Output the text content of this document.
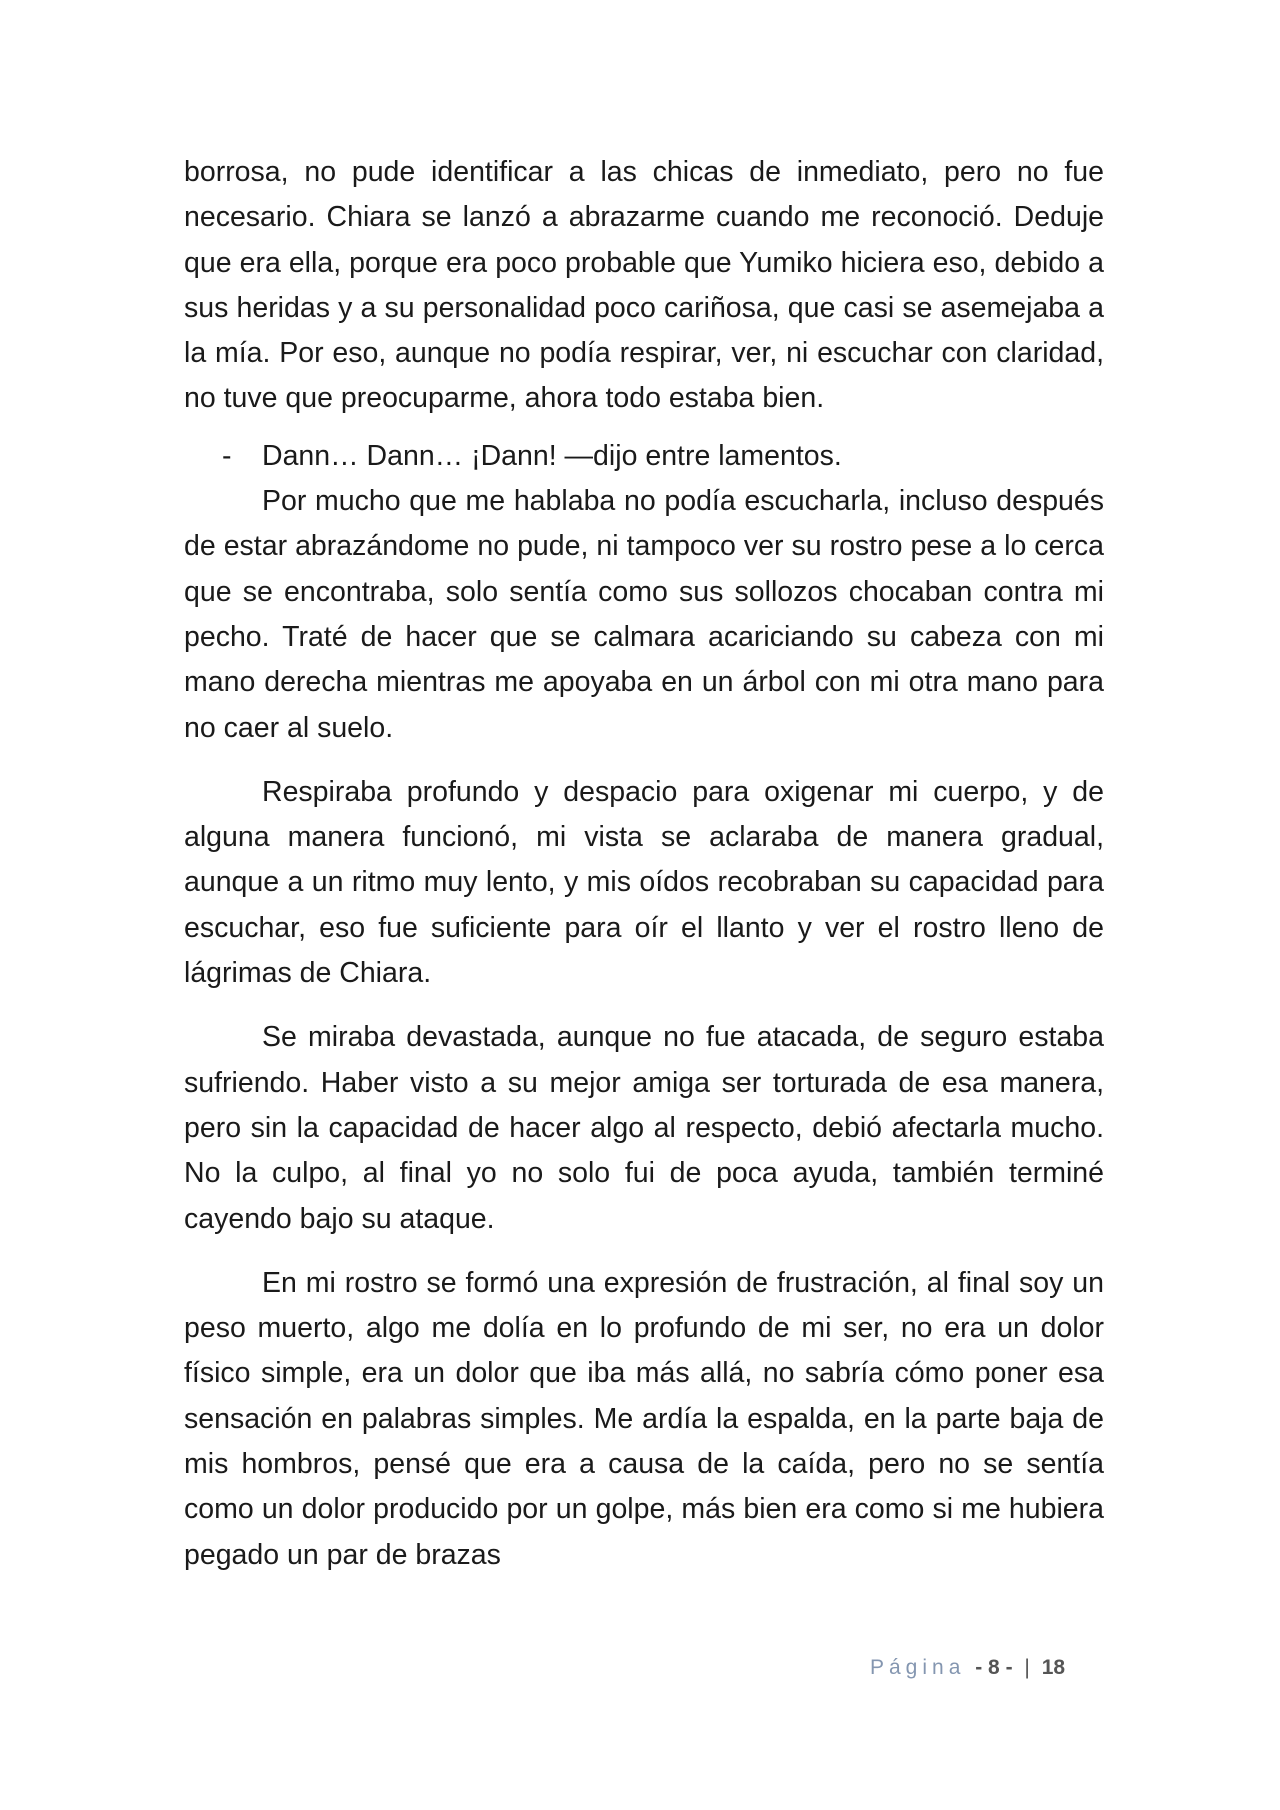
borrosa, no pude identificar a las chicas de inmediato, pero no fue necesario. Chiara se lanzó a abrazarme cuando me reconoció. Deduje que era ella, porque era poco probable que Yumiko hiciera eso, debido a sus heridas y a su personalidad poco cariñosa, que casi se asemejaba a la mía. Por eso, aunque no podía respirar, ver, ni escuchar con claridad, no tuve que preocuparme, ahora todo estaba bien.

- Dann… Dann… ¡Dann! —dijo entre lamentos.

Por mucho que me hablaba no podía escucharla, incluso después de estar abrazándome no pude, ni tampoco ver su rostro pese a lo cerca que se encontraba, solo sentía como sus sollozos chocaban contra mi pecho. Traté de hacer que se calmara acariciando su cabeza con mi mano derecha mientras me apoyaba en un árbol con mi otra mano para no caer al suelo.

Respiraba profundo y despacio para oxigenar mi cuerpo, y de alguna manera funcionó, mi vista se aclaraba de manera gradual, aunque a un ritmo muy lento, y mis oídos recobraban su capacidad para escuchar, eso fue suficiente para oír el llanto y ver el rostro lleno de lágrimas de Chiara.

Se miraba devastada, aunque no fue atacada, de seguro estaba sufriendo. Haber visto a su mejor amiga ser torturada de esa manera, pero sin la capacidad de hacer algo al respecto, debió afectarla mucho. No la culpo, al final yo no solo fui de poca ayuda, también terminé cayendo bajo su ataque.

En mi rostro se formó una expresión de frustración, al final soy un peso muerto, algo me dolía en lo profundo de mi ser, no era un dolor físico simple, era un dolor que iba más allá, no sabría cómo poner esa sensación en palabras simples. Me ardía la espalda, en la parte baja de mis hombros, pensé que era a causa de la caída, pero no se sentía como un dolor producido por un golpe, más bien era como si me hubiera pegado un par de brazas

Página - 8 - | 18
